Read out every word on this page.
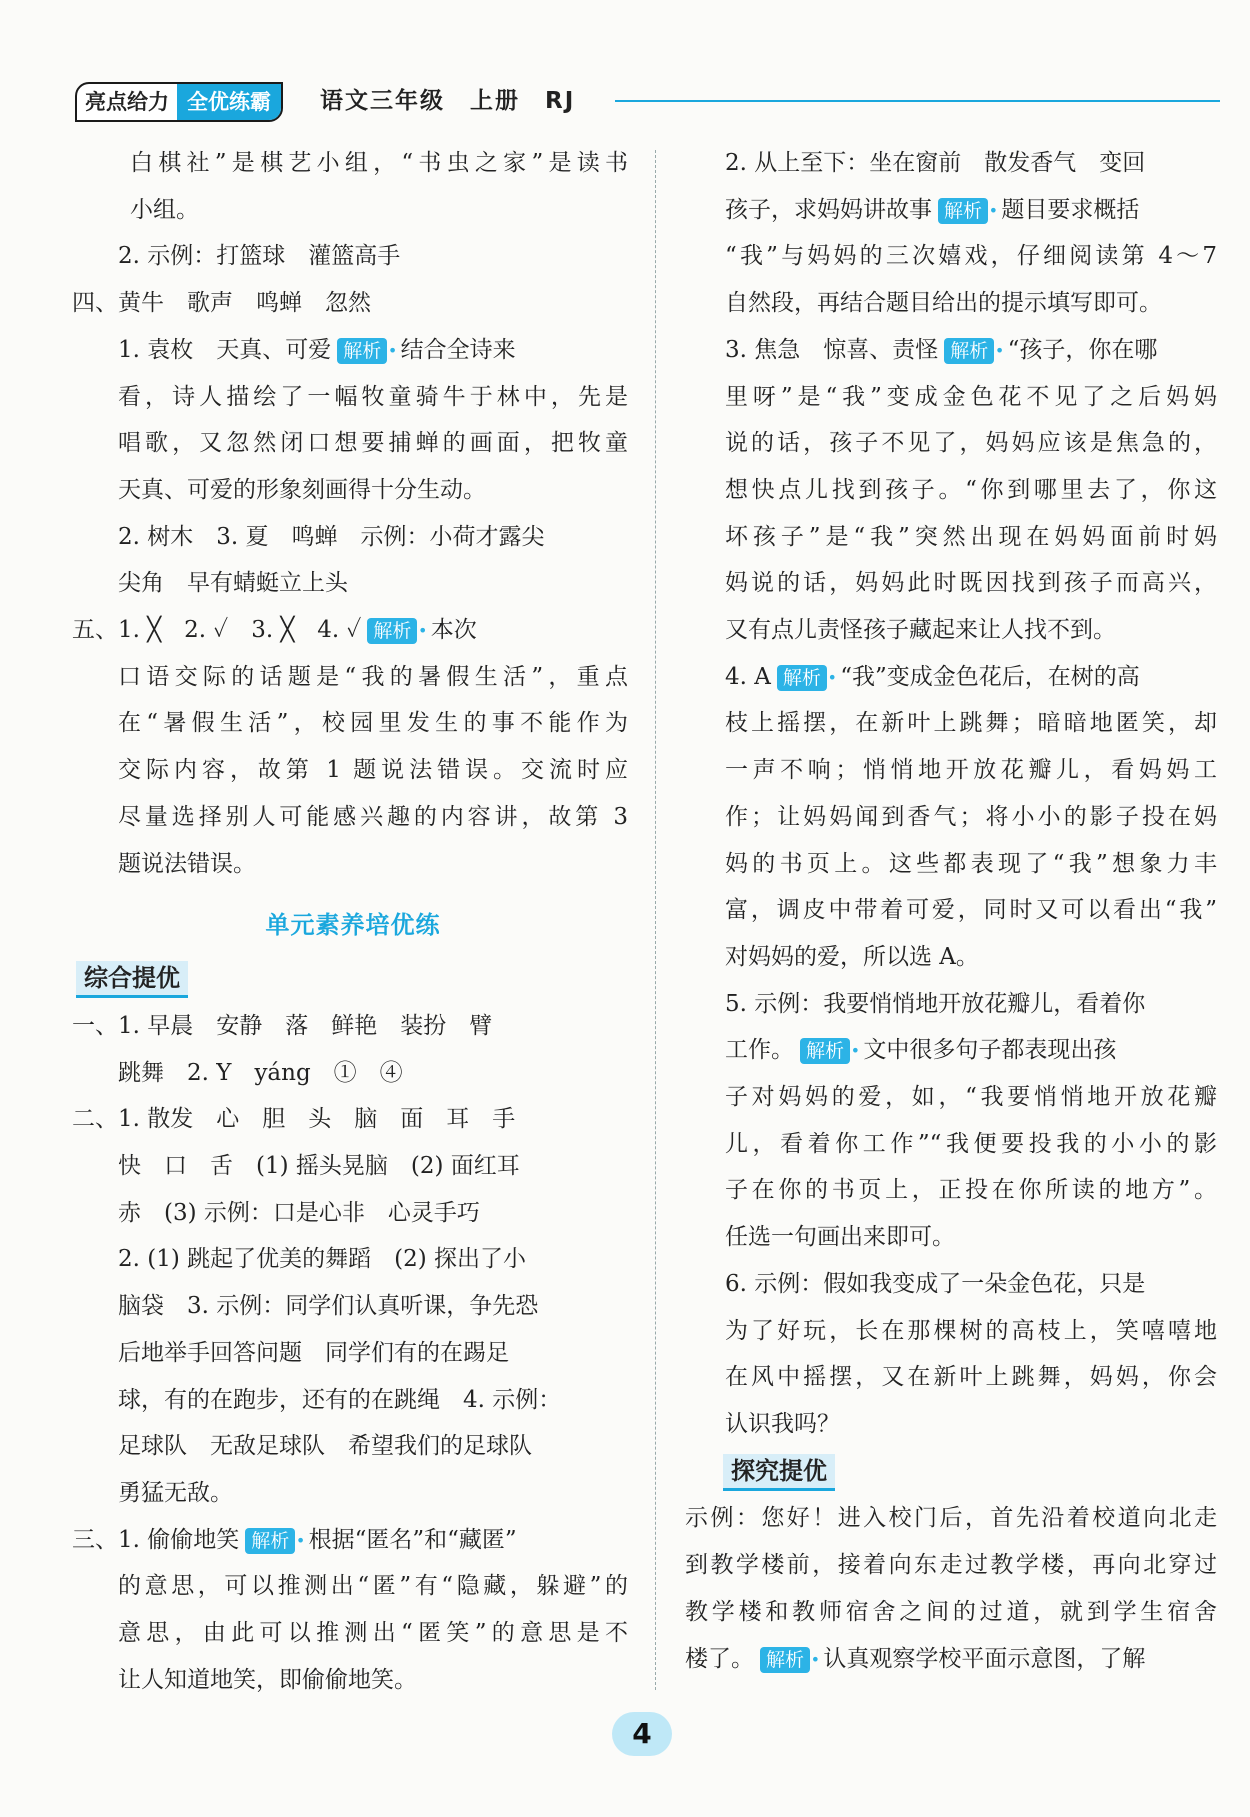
亮点给力 全优练霸	语文三年级　上册　RJ
白棋社”是棋艺小组，“书虫之家”是读书
小组。
2. 示例：打篮球　灌篮高手
四、黄牛　歌声　鸣蝉　忽然
1. 袁枚　天真、可爱 解析 • 结合全诗来
看，诗人描绘了一幅牧童骑牛于林中，先是
唱歌，又忽然闭口想要捕蝉的画面，把牧童
天真、可爱的形象刻画得十分生动。
2. 树木　3. 夏　鸣蝉　示例：小荷才露尖
尖角　早有蜻蜓立上头
五、1. ╳　2. ✓　3. ╳　4. ✓ 解析 • 本次
口语交际的话题是“我的暑假生活”，重点
在“暑假生活”，校园里发生的事不能作为
交际内容，故第 1 题说法错误。交流时应
尽量选择别人可能感兴趣的内容讲，故第 3
题说法错误。
单元素养培优练
综合提优
一、1. 早晨　安静　落　鲜艳　装扮　臂
跳舞　2. Y　yáng　①　④
二、1. 散发　心　胆　头　脑　面　耳　手
快　口　舌　(1) 摇头晃脑　(2) 面红耳
赤　(3) 示例：口是心非　心灵手巧
2. (1) 跳起了优美的舞蹈　(2) 探出了小
脑袋　3. 示例：同学们认真听课，争先恐
后地举手回答问题　同学们有的在踢足
球，有的在跑步，还有的在跳绳　4. 示例：
足球队　无敌足球队　希望我们的足球队
勇猛无敌。
三、1. 偷偷地笑 解析 • 根据“匿名”和“藏匿”
的意思，可以推测出“匿”有“隐藏，躲避”的
意思，由此可以推测出“匿笑”的意思是不
让人知道地笑，即偷偷地笑。
2. 从上至下：坐在窗前　散发香气　变回
孩子，求妈妈讲故事 解析 • 题目要求概括
“我”与妈妈的三次嬉戏，仔细阅读第 4～7
自然段，再结合题目给出的提示填写即可。
3. 焦急　惊喜、责怪 解析 • “孩子，你在哪
里呀”是“我”变成金色花不见了之后妈妈
说的话，孩子不见了，妈妈应该是焦急的，
想快点儿找到孩子。“你到哪里去了，你这
坏孩子”是“我”突然出现在妈妈面前时妈
妈说的话，妈妈此时既因找到孩子而高兴，
又有点儿责怪孩子藏起来让人找不到。
4. A 解析 • “我”变成金色花后，在树的高
枝上摇摆，在新叶上跳舞；暗暗地匿笑，却
一声不响；悄悄地开放花瓣儿，看妈妈工
作；让妈妈闻到香气；将小小的影子投在妈
妈的书页上。这些都表现了“我”想象力丰
富，调皮中带着可爱，同时又可以看出“我”
对妈妈的爱，所以选 A。
5. 示例：我要悄悄地开放花瓣儿，看着你
工作。 解析 • 文中很多句子都表现出孩
子对妈妈的爱，如，“我要悄悄地开放花瓣
儿，看着你工作”“我便要投我的小小的影
子在你的书页上，正投在你所读的地方”。
任选一句画出来即可。
6. 示例：假如我变成了一朵金色花，只是
为了好玩，长在那棵树的高枝上，笑嘻嘻地
在风中摇摆，又在新叶上跳舞，妈妈，你会
认识我吗？
探究提优
示例：您好！进入校门后，首先沿着校道向北走
到教学楼前，接着向东走过教学楼，再向北穿过
教学楼和教师宿舍之间的过道，就到学生宿舍
楼了。 解析 • 认真观察学校平面示意图，了解
4
